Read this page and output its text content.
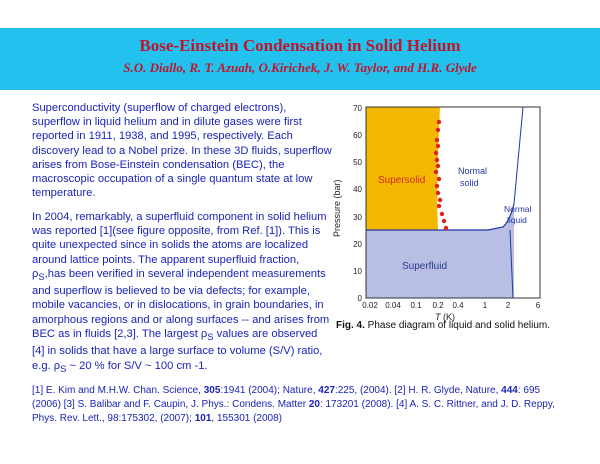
Bose-Einstein Condensation in Solid Helium
S.O. Diallo, R. T. Azuah, O.Kirichek, J. W. Taylor, and H.R. Glyde
Superconductivity (superflow of charged electrons), superflow in liquid helium and in dilute gases were first reported in 1911, 1938, and 1995, respectively. Each discovery lead to a Nobel prize. In these 3D fluids, superflow arises from Bose-Einstein condensation (BEC), the macroscopic occupation of a single quantum state at low temperature.
In 2004, remarkably, a superfluid component in solid helium was reported [1](see figure opposite, from Ref. [1]). This is quite unexpected since in solids the atoms are localized around lattice points. The apparent superfluid fraction, $\rho_S,has$ been verified in several independent measurements and superflow is believed to be via defects; for example, mobile vacancies, or in dislocations, in grain boundaries, in amorphous regions and or along surfaces -- and arises from BEC as in fluids [2,3]. The largest $\rho_S$ values are observed [4] in solids that have a large surface to volume (S/V) ratio, e.g. $\rho_S$ ~ 20 % for S/V ~ 100 cm -1.
[1] E. Kim and M.H.W. Chan. Science, 305:1941 (2004); Nature, 427:225, (2004). [2] H. R. Glyde, Nature, 444: 695 (2006) [3] S. Balibar and F. Caupin, J. Phys.: Condens. Matter 20: 173201 (2008). [4] A. S. C. Rittner, and J. D. Reppy, Phys. Rev. Lett., 98:175302, (2007); 101, 155301 (2008)
Supersolid
Normal
solid
Normal
liquid
Superfluid
0
10
20
30
40
50
60
70
Pressure (bar)
0.02 0.04 0.1 0.2 0.4 1 2	6
T (K)
Fig. 4. Phase diagram of liquid and solid helium.
